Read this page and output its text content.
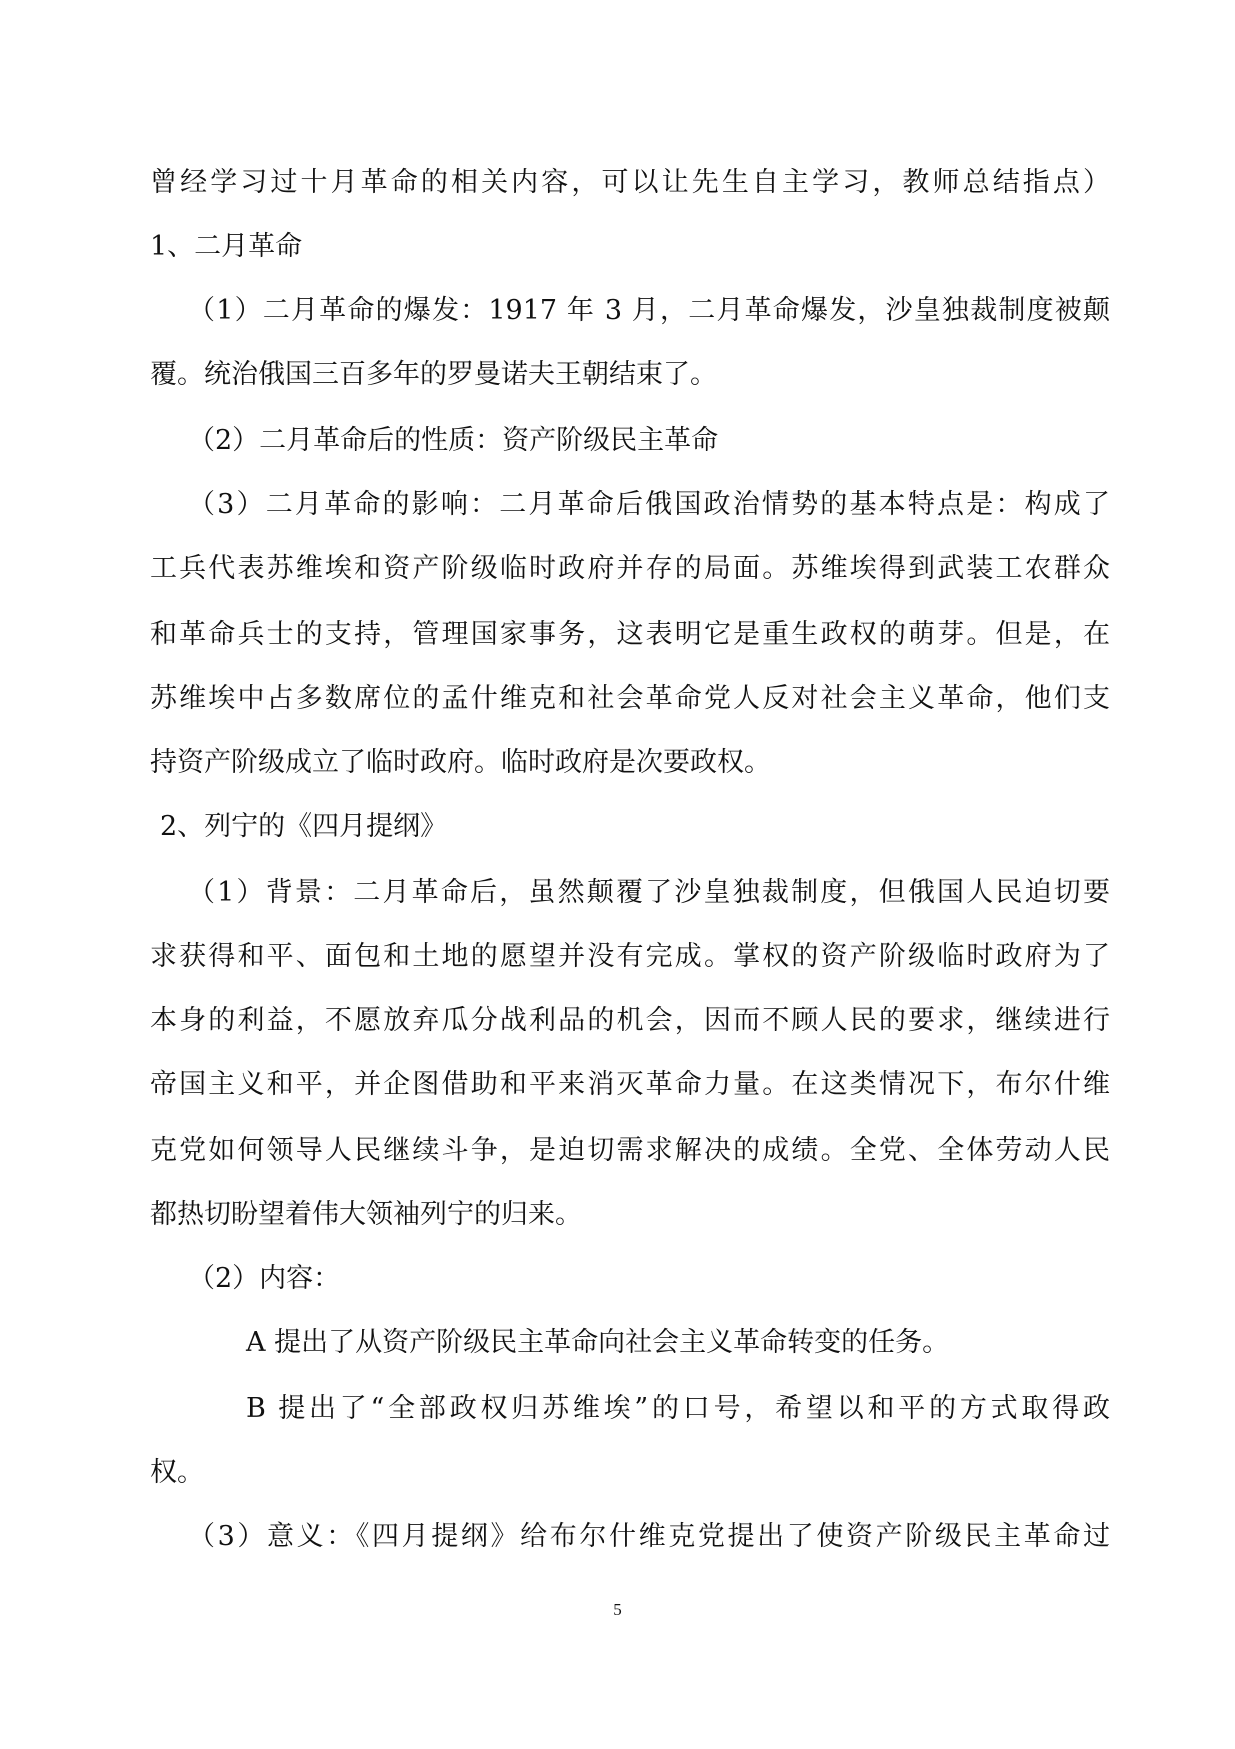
曾经学习过十月革命的相关内容，可以让先生自主学习，教师总结指点）

1、二月革命

（1）二月革命的爆发：1917 年 3 月，二月革命爆发，沙皇独裁制度被颠

覆。统治俄国三百多年的罗曼诺夫王朝结束了。

（2）二月革命后的性质：资产阶级民主革命

（3）二月革命的影响：二月革命后俄国政治情势的基本特点是：构成了

工兵代表苏维埃和资产阶级临时政府并存的局面。苏维埃得到武装工农群众

和革命兵士的支持，管理国家事务，这表明它是重生政权的萌芽。但是，在

苏维埃中占多数席位的孟什维克和社会革命党人反对社会主义革命，他们支

持资产阶级成立了临时政府。临时政府是次要政权。

2、列宁的《四月提纲》

（1）背景：二月革命后，虽然颠覆了沙皇独裁制度，但俄国人民迫切要

求获得和平、面包和土地的愿望并没有完成。掌权的资产阶级临时政府为了

本身的利益，不愿放弃瓜分战利品的机会，因而不顾人民的要求，继续进行

帝国主义和平，并企图借助和平来消灭革命力量。在这类情况下，布尔什维

克党如何领导人民继续斗争，是迫切需求解决的成绩。全党、全体劳动人民

都热切盼望着伟大领袖列宁的归来。

（2）内容：

A 提出了从资产阶级民主革命向社会主义革命转变的任务。

B 提出了“全部政权归苏维埃”的口号，希望以和平的方式取得政

权。

（3）意义：《四月提纲》给布尔什维克党提出了使资产阶级民主革命过

5
